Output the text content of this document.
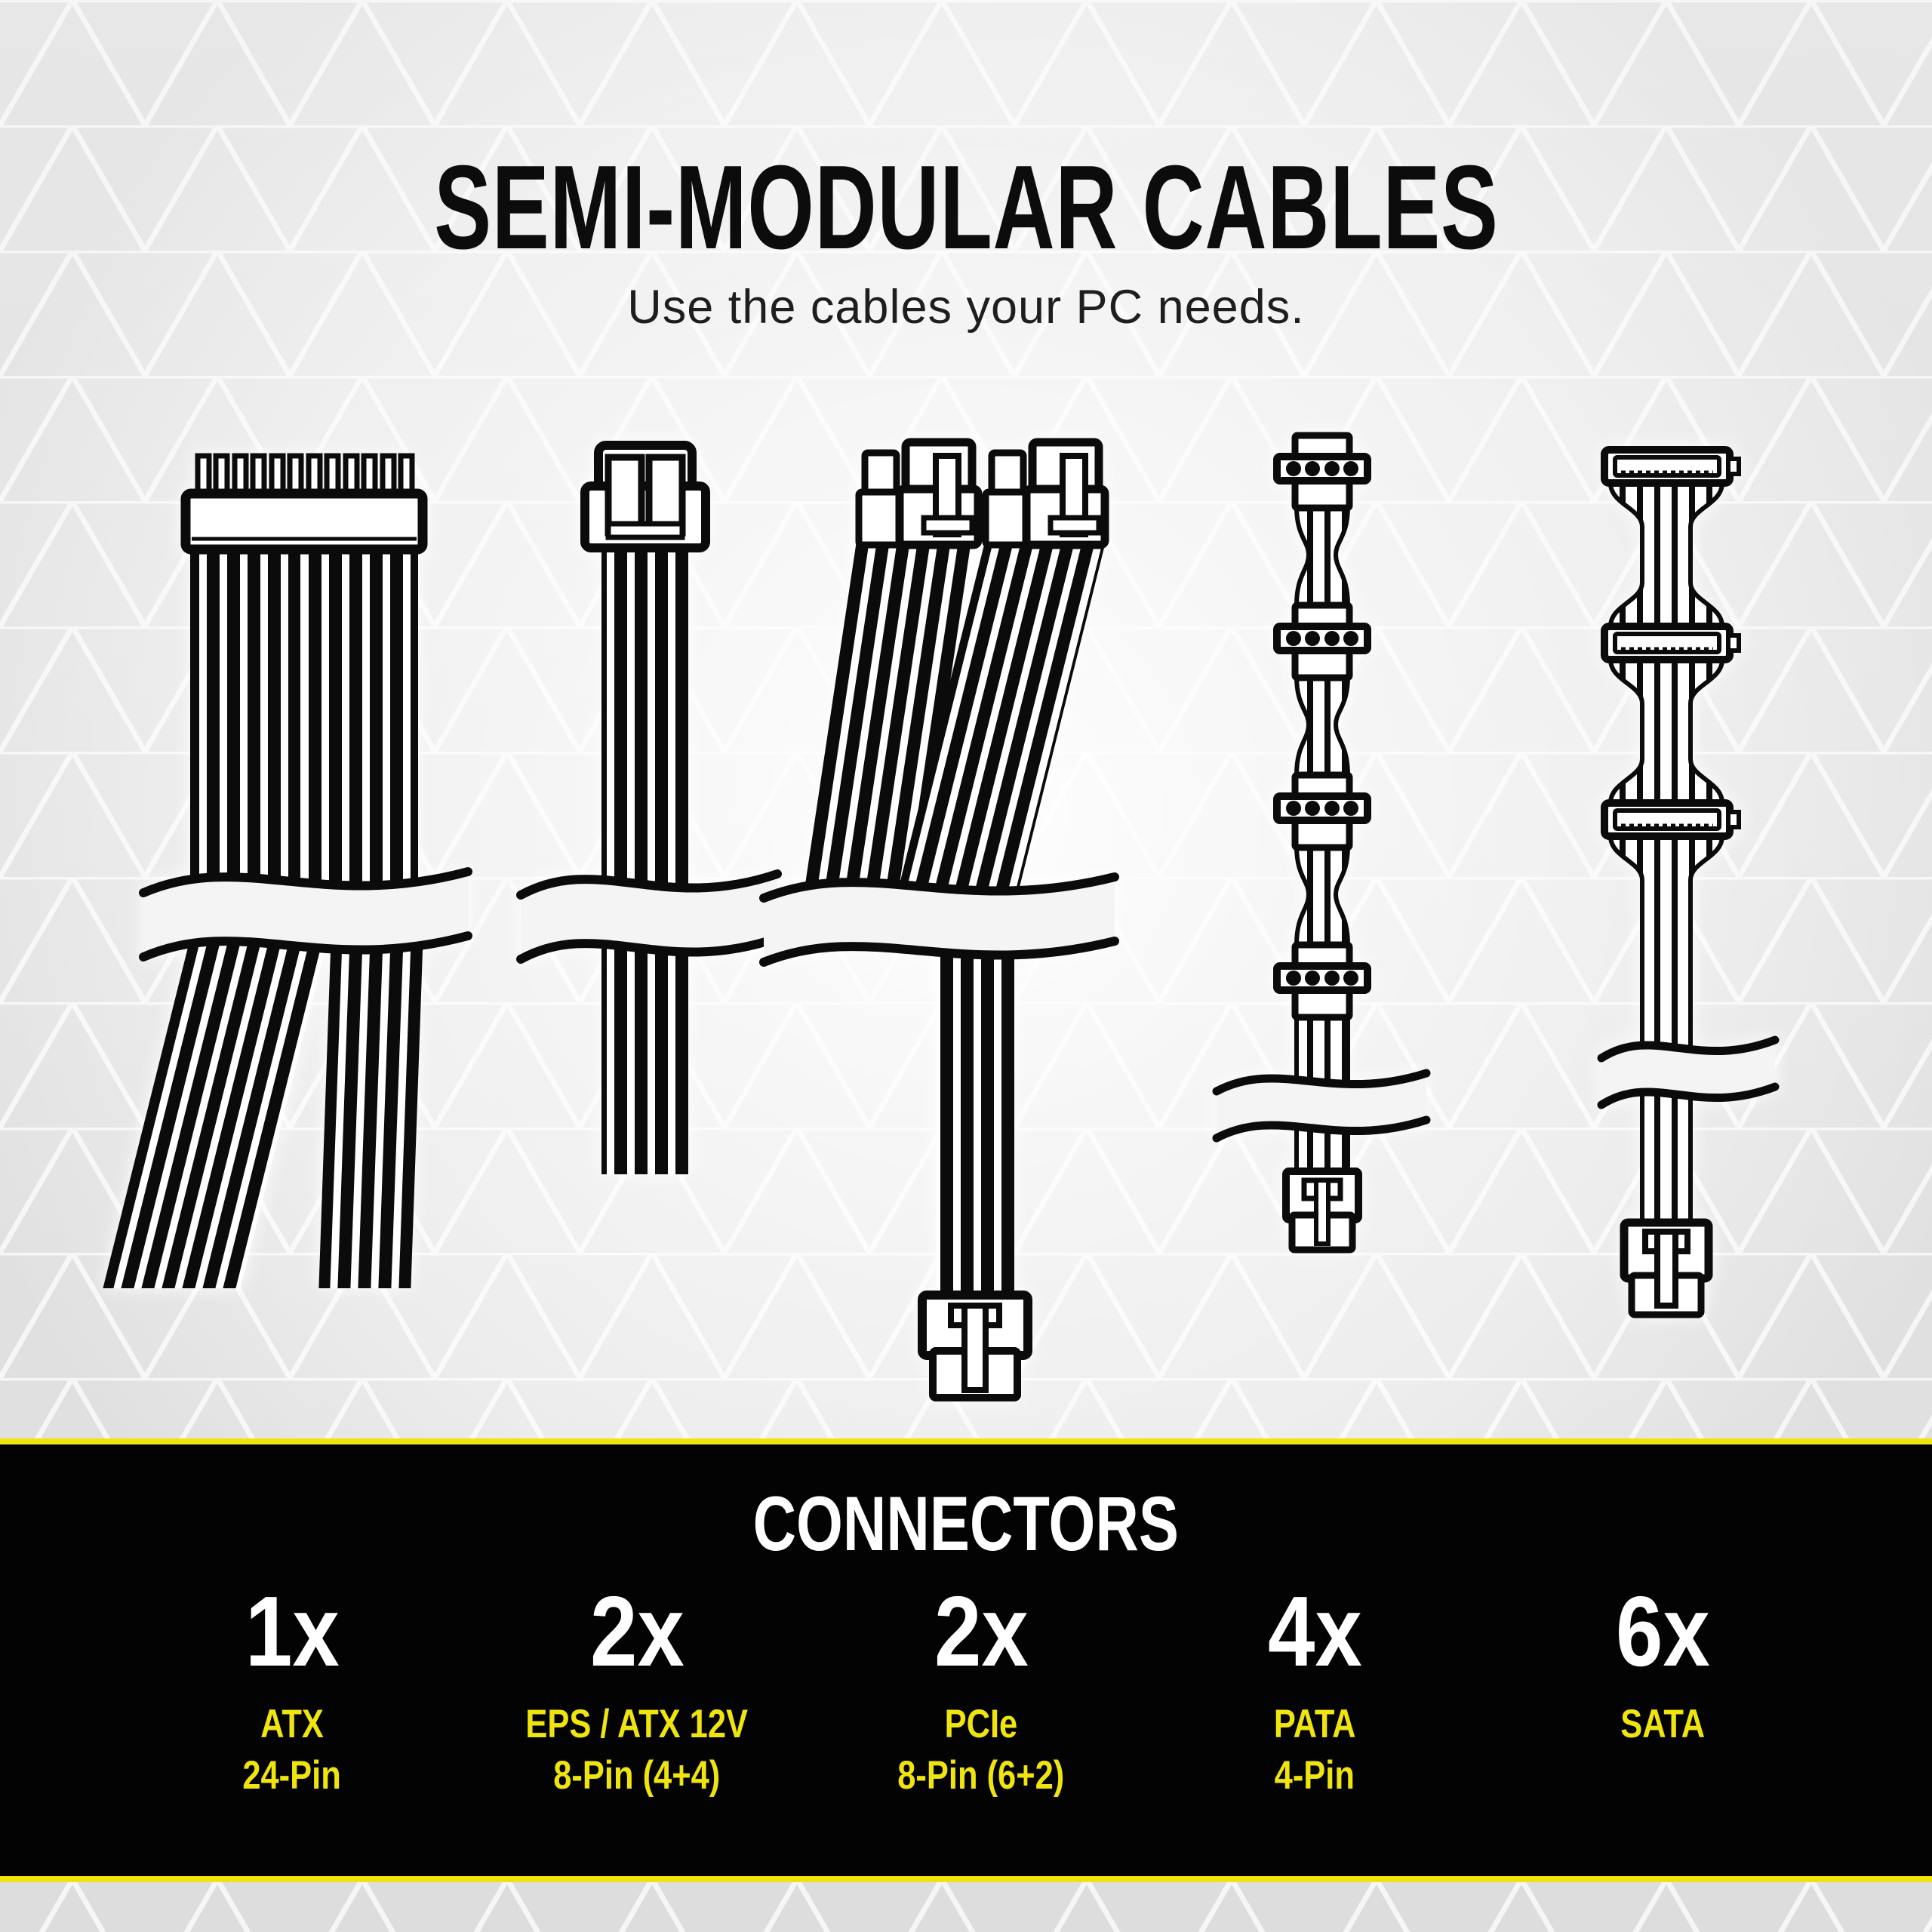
SEMI-MODULAR CABLES
Use the cables your PC needs.
CONNECTORS
1x	2x	2x	4x	6x
ATX	EPS / ATX 12V	PCIe	PATA	SATA
24-Pin	8-Pin (4+4)	8-Pin (6+2)	4-Pin
